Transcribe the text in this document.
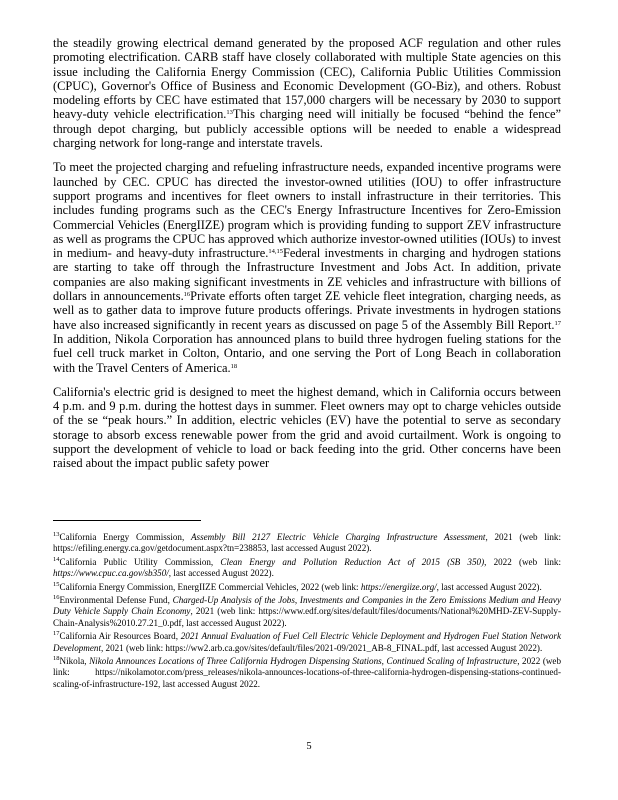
the steadily growing electrical demand generated by the proposed ACF regulation and other rules promoting electrification. CARB staff have closely collaborated with multiple State agencies on this issue including the California Energy Commission (CEC), California Public Utilities Commission (CPUC), Governor's Office of Business and Economic Development (GO-Biz), and others. Robust modeling efforts by CEC have estimated that 157,000 chargers will be necessary by 2030 to support heavy-duty vehicle electrification.$^{13}$This charging need will initially be focused “behind the fence” through depot charging, but publicly accessible options will be needed to enable a widespread charging network for long-range and interstate travels.

To meet the projected charging and refueling infrastructure needs, expanded incentive programs were launched by CEC. CPUC has directed the investor-owned utilities (IOU) to offer infrastructure support programs and incentives for fleet owners to install infrastructure in their territories. This includes funding programs such as the CEC's Energy Infrastructure Incentives for Zero-Emission Commercial Vehicles (EnergIIZE) program which is providing funding to support ZEV infrastructure as well as programs the CPUC has approved which authorize investor-owned utilities (IOUs) to invest in medium- and heavy-duty infrastructure.$^{14,15}$Federal investments in charging and hydrogen stations are starting to take off through the Infrastructure Investment and Jobs Act. In addition, private companies are also making significant investments in ZE vehicles and infrastructure with billions of dollars in announcements.$^{16}$Private efforts often target ZE vehicle fleet integration, charging needs, as well as to gather data to improve future products offerings. Private investments in hydrogen stations have also increased significantly in recent years as discussed on page 5 of the Assembly Bill Report.$^{17}$ In addition, Nikola Corporation has announced plans to build three hydrogen fueling stations for the fuel cell truck market in Colton, Ontario, and one serving the Port of Long Beach in collaboration with the Travel Centers of America.$^{18}$

California's electric grid is designed to meet the highest demand, which in California occurs between 4 p.m. and 9 p.m. during the hottest days in summer. Fleet owners may opt to charge vehicles outside of the se “peak hours.” In addition, electric vehicles (EV) have the potential to serve as secondary storage to absorb excess renewable power from the grid and avoid curtailment. Work is ongoing to support the development of vehicle to load or back feeding into the grid. Other concerns have been raised about the impact public safety power

$^{13}$California Energy Commission, Assembly Bill 2127 Electric Vehicle Charging Infrastructure Assessment, 2021 (web link: https://efiling.energy.ca.gov/getdocument.aspx?tn=238853, last accessed August 2022).
$^{14}$California Public Utility Commission, Clean Energy and Pollution Reduction Act of 2015 (SB 350), 2022 (web link: https://www.cpuc.ca.gov/sb350/, last accessed August 2022).
$^{15}$California Energy Commission, EnergIIZE Commercial Vehicles, 2022 (web link: https://energiize.org/, last accessed August 2022).
$^{16}$Environmental Defense Fund, Charged-Up Analysis of the Jobs, Investments and Companies in the Zero Emissions Medium and Heavy Duty Vehicle Supply Chain Economy, 2021 (web link: https://www.edf.org/sites/default/files/documents/National%20MHD-ZEV-Supply-Chain-Analysis%2010.27.21_0.pdf, last accessed August 2022).
$^{17}$California Air Resources Board, 2021 Annual Evaluation of Fuel Cell Electric Vehicle Deployment and Hydrogen Fuel Station Network Development, 2021 (web link: https://ww2.arb.ca.gov/sites/default/files/2021-09/2021_AB-8_FINAL.pdf, last accessed August 2022).
$^{18}$Nikola, Nikola Announces Locations of Three California Hydrogen Dispensing Stations, Continued Scaling of Infrastructure, 2022 (web link: https://nikolamotor.com/press_releases/nikola-announces-locations-of-three-california-hydrogen-dispensing-stations-continued-scaling-of-infrastructure-192, last accessed August 2022.
5
